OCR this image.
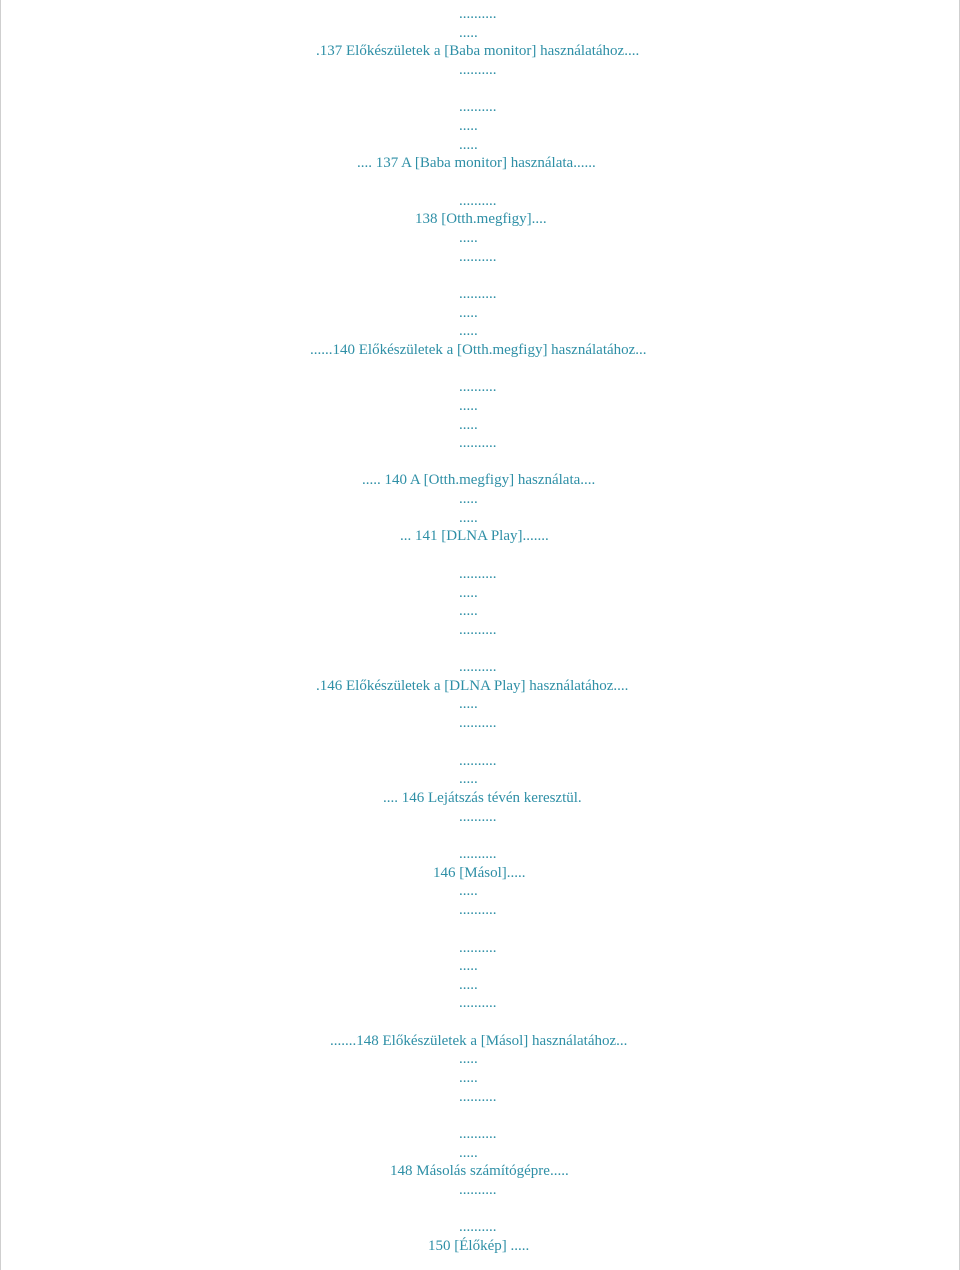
..........
.....
.137 Előkészületek a [Baba monitor] használatához....
..........
..........
.....
.....
.... 137 A [Baba monitor] használata......
..........
138 [Otth.megfigy]....
.....
..........
..........
.....
.....
......140 Előkészületek a [Otth.megfigy] használatához...
..........
.....
.....
..........
..... 140 A [Otth.megfigy] használata....
.....
.....
... 141 [DLNA Play].......
..........
.....
.....
..........
..........
.146 Előkészületek a [DLNA Play] használatához....
.....
..........
..........
.....
.... 146 Lejátszás tévén keresztül.
..........
..........
146 [Másol].....
.....
..........
..........
.....
.....
..........
.......148 Előkészületek a [Másol] használatához...
.....
.....
..........
..........
.....
148 Másolás számítógépre.....
..........
..........
150 [Élőkép] .....
